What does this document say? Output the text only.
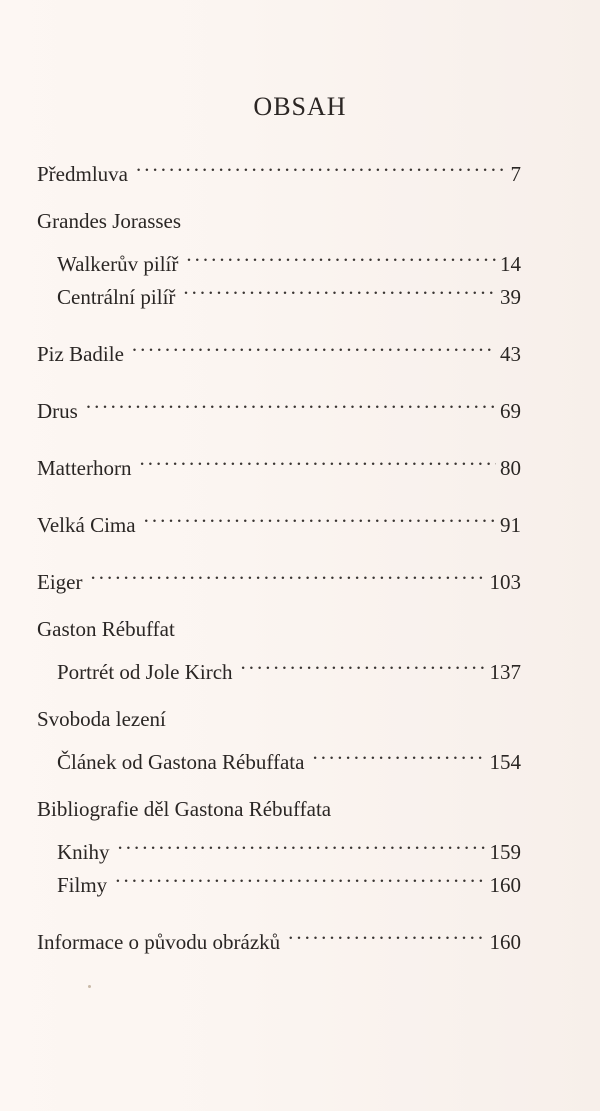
OBSAH
Předmluva .....	7
Grandes Jorasses
Walkerův pilíř .....	14
Centrální pilíř .....	39
Piz Badile .....	43
Drus .....	69
Matterhorn .....	80
Velká Cima .....	91
Eiger .....	103
Gaston Rébuffat
Portrét od Jole Kirch .....	137
Svoboda lezení
Článek od Gastona Rébuffata .....	154
Bibliografie děl Gastona Rébuffata
Knihy .....	159
Filmy .....	160
Informace o původu obrázků .....	160
